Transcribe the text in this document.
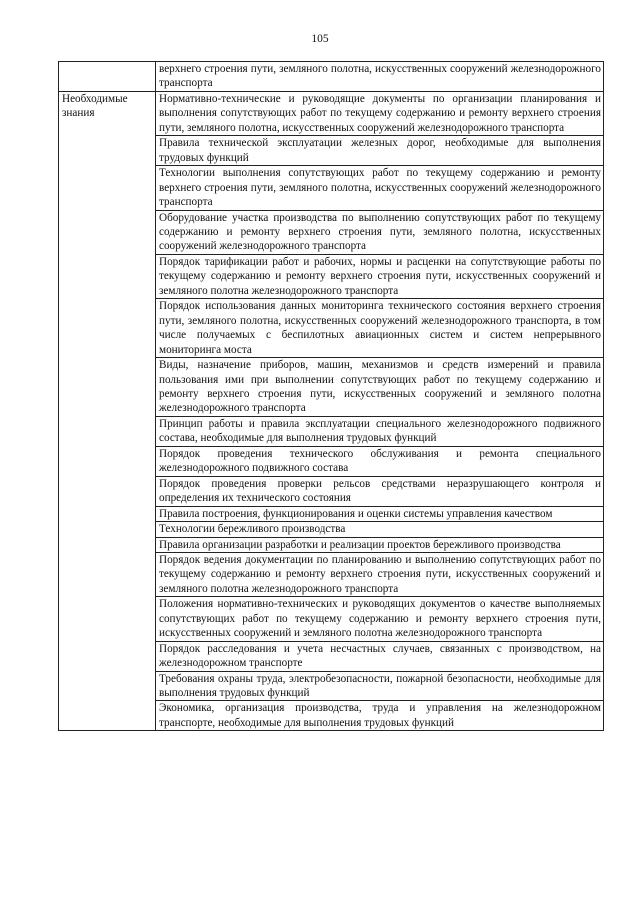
105
	верхнего строения пути, земляного полотна, искусственных сооружений железнодорожного транспорта
Необходимые знания	Нормативно-технические и руководящие документы по организации планирования и выполнения сопутствующих работ по текущему содержанию и ремонту верхнего строения пути, земляного полотна, искусственных сооружений железнодорожного транспорта
	Правила технической эксплуатации железных дорог, необходимые для выполнения трудовых функций
	Технологии выполнения сопутствующих работ по текущему содержанию и ремонту верхнего строения пути, земляного полотна, искусственных сооружений железнодорожного транспорта
	Оборудование участка производства по выполнению сопутствующих работ по текущему содержанию и ремонту верхнего строения пути, земляного полотна, искусственных сооружений железнодорожного транспорта
	Порядок тарификации работ и рабочих, нормы и расценки на сопутствующие работы по текущему содержанию и ремонту верхнего строения пути, искусственных сооружений и земляного полотна железнодорожного транспорта
	Порядок использования данных мониторинга технического состояния верхнего строения пути, земляного полотна, искусственных сооружений железнодорожного транспорта, в том числе получаемых с беспилотных авиационных систем и систем непрерывного мониторинга моста
	Виды, назначение приборов, машин, механизмов и средств измерений и правила пользования ими при выполнении сопутствующих работ по текущему содержанию и ремонту верхнего строения пути, искусственных сооружений и земляного полотна железнодорожного транспорта
	Принцип работы и правила эксплуатации специального железнодорожного подвижного состава, необходимые для выполнения трудовых функций
	Порядок проведения технического обслуживания и ремонта специального железнодорожного подвижного состава
	Порядок проведения проверки рельсов средствами неразрушающего контроля и определения их технического состояния
	Правила построения, функционирования и оценки системы управления качеством
	Технологии бережливого производства
	Правила организации разработки и реализации проектов бережливого производства
	Порядок ведения документации по планированию и выполнению сопутствующих работ по текущему содержанию и ремонту верхнего строения пути, искусственных сооружений и земляного полотна железнодорожного транспорта
	Положения нормативно-технических и руководящих документов о качестве выполняемых сопутствующих работ по текущему содержанию и ремонту верхнего строения пути, искусственных сооружений и земляного полотна железнодорожного транспорта
	Порядок расследования и учета несчастных случаев, связанных с производством, на железнодорожном транспорте
	Требования охраны труда, электробезопасности, пожарной безопасности, необходимые для выполнения трудовых функций
	Экономика, организация производства, труда и управления на железнодорожном транспорте, необходимые для выполнения трудовых функций
